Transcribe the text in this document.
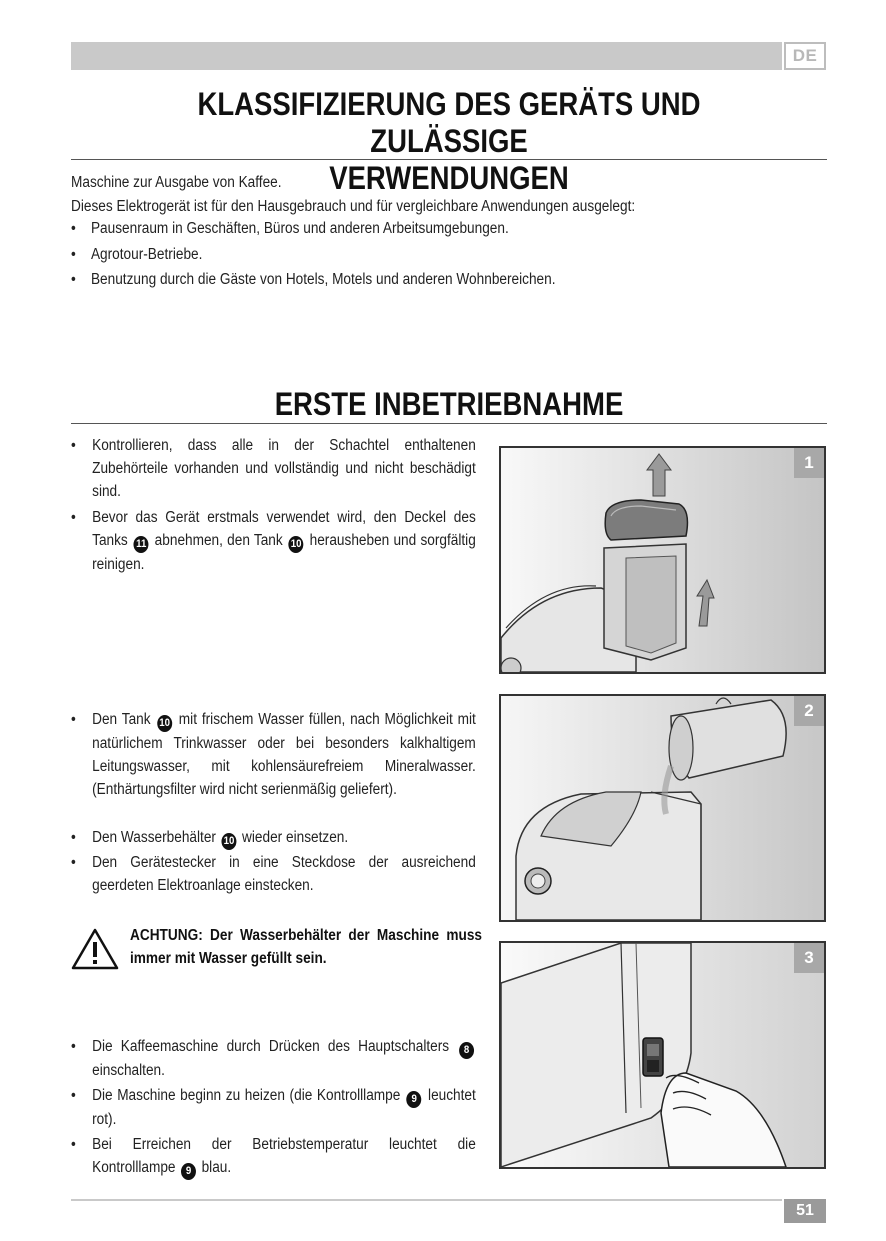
DE
KLASSIFIZIERUNG DES GERÄTS UND ZULÄSSIGE
VERWENDUNGEN
Maschine zur Ausgabe von Kaffee.
Dieses Elektrogerät ist für den Hausgebrauch und für vergleichbare Anwendungen ausgelegt:
• Pausenraum in Geschäften, Büros und anderen Arbeitsumgebungen.
• Agrotour-Betriebe.
• Benutzung durch die Gäste von Hotels, Motels und anderen Wohnbereichen.
ERSTE INBETRIEBNAHME
• Kontrollieren, dass alle in der Schachtel enthaltenen Zubehörteile vorhanden und vollständig und nicht beschädigt sind.
• Bevor das Gerät erstmals verwendet wird, den Deckel des Tanks 11 abnehmen, den Tank 10 herausheben und sorgfältig reinigen.
• Den Tank 10 mit frischem Wasser füllen, nach Möglichkeit mit natürlichem Trinkwasser oder bei besonders kalkhaltigem Leitungswasser, mit kohlensäurefreiem Mineralwasser. (Enthärtungsfilter wird nicht serienmäßig geliefert).
• Den Wasserbehälter 10 wieder einsetzen.
• Den Gerätestecker in eine Steckdose der ausreichend geerdeten Elektroanlage einstecken.
ACHTUNG: Der Wasserbehälter der Maschine muss immer mit Wasser gefüllt sein.
• Die Kaffeemaschine durch Drücken des Hauptschalters 8 einschalten.
• Die Maschine beginn zu heizen (die Kontrolllampe 9 leuchtet rot).
• Bei Erreichen der Betriebstemperatur leuchtet die Kontrolllampe 9 blau.
1
2
3
51
